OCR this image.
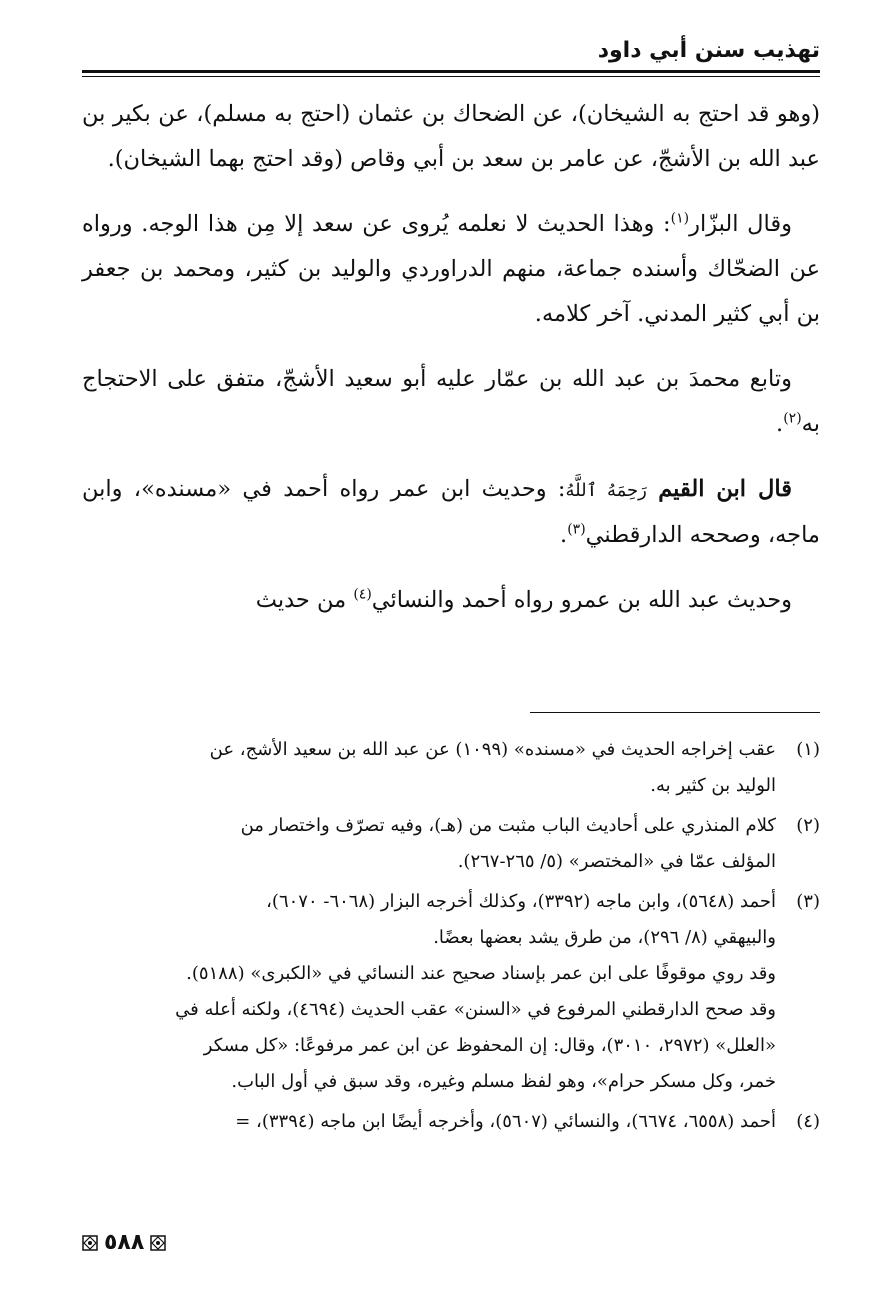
تهذيب سنن أبي داود

(وهو قد احتج به الشيخان)، عن الضحاك بن عثمان (احتج به مسلم)، عن بكير بن عبد الله بن الأشجّ، عن عامر بن سعد بن أبي وقاص (وقد احتج بهما الشيخان).

وقال البزّار$^{(١)}$: وهذا الحديث لا نعلمه يُروى عن سعد إلا مِن هذا الوجه. ورواه عن الضحّاك وأسنده جماعة، منهم الدراوردي والوليد بن كثير، ومحمد بن جعفر بن أبي كثير المدني. آخر كلامه.

وتابع محمدَ بن عبد الله بن عمّار عليه أبو سعيد الأشجّ، متفق على الاحتجاج به$^{(٢)}$.

قال ابن القيم رَحِمَهُ ٱللَّهُ: وحديث ابن عمر رواه أحمد في «مسنده»، وابن ماجه، وصححه الدارقطني$^{(٣)}$.

وحديث عبد الله بن عمرو رواه أحمد والنسائي$^{(٤)}$ من حديث

(١)
عقب إخراجه الحديث في «مسنده» (١٠٩٩) عن عبد الله بن سعيد الأشج، عن
الوليد بن كثير به.
(٢)
كلام المنذري على أحاديث الباب مثبت من (هـ)، وفيه تصرّف واختصار من
المؤلف عمّا في «المختصر» (٥/ ٢٦٥-٢٦٧).
(٣)
أحمد (٥٦٤٨)، وابن ماجه (٣٣٩٢)، وكذلك أخرجه البزار (٦٠٦٨- ٦٠٧٠)،
والبيهقي (٨/ ٢٩٦)، من طرق يشد بعضها بعضًا.
وقد روي موقوفًا على ابن عمر بإسناد صحيح عند النسائي في «الكبرى» (٥١٨٨).
وقد صحح الدارقطني المرفوع في «السنن» عقب الحديث (٤٦٩٤)، ولكنه أعله في
«العلل» (٢٩٧٢، ٣٠١٠)، وقال: إن المحفوظ عن ابن عمر مرفوعًا: «كل مسكر
خمر، وكل مسكر حرام»، وهو لفظ مسلم وغيره، وقد سبق في أول الباب.
(٤)
أحمد (٦٥٥٨، ٦٦٧٤)، والنسائي (٥٦٠٧)، وأخرجه أيضًا ابن ماجه (٣٣٩٤)، =
٥٨٨
